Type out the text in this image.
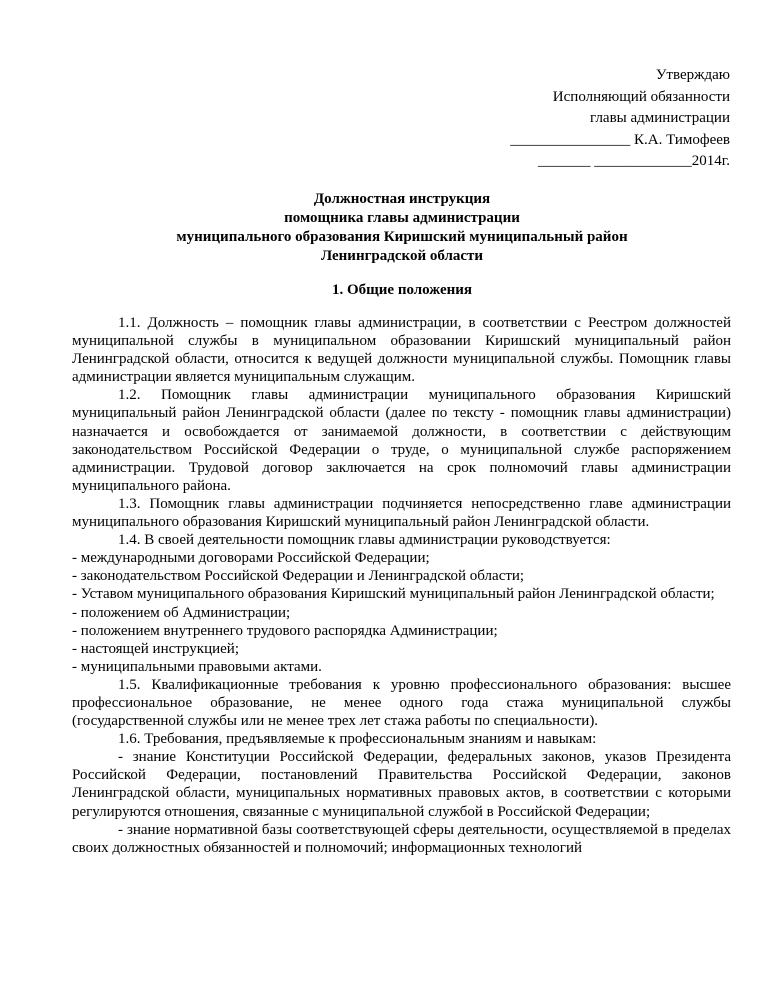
Утверждаю
Исполняющий обязанности
главы администрации
________________ К.А. Тимофеев
_______ _____________2014г.
Должностная инструкция
помощника главы администрации
муниципального образования Киришский муниципальный район
Ленинградской области
1. Общие положения

1.1. Должность – помощник главы администрации, в соответствии с Реестром должностей муниципальной службы в муниципальном образовании Киришский муниципальный район Ленинградской области, относится к ведущей должности муниципальной службы. Помощник главы администрации является муниципальным служащим.

1.2. Помощник главы администрации муниципального образования Киришский муниципальный район Ленинградской области (далее по тексту - помощник главы администрации) назначается и освобождается от занимаемой должности, в соответствии с действующим законодательством Российской Федерации о труде, о муниципальной службе распоряжением администрации. Трудовой договор заключается на срок полномочий главы администрации муниципального района.

1.3. Помощник главы администрации подчиняется непосредственно главе администрации муниципального образования Киришский муниципальный район Ленинградской области.

1.4. В своей деятельности помощник главы администрации руководствуется:

- международными договорами Российской Федерации;

- законодательством Российской Федерации и Ленинградской области;

- Уставом муниципального образования Киришский муниципальный район Ленинградской области;

- положением об Администрации;

- положением внутреннего трудового распорядка Администрации;

- настоящей инструкцией;

- муниципальными правовыми актами.

1.5. Квалификационные требования к уровню профессионального образования: высшее профессиональное образование, не менее одного года стажа муниципальной службы (государственной службы или не менее трех лет стажа работы по специальности).

1.6. Требования, предъявляемые к профессиональным знаниям и навыкам:

- знание Конституции Российской Федерации, федеральных законов, указов Президента Российской Федерации, постановлений Правительства Российской Федерации, законов Ленинградской области, муниципальных нормативных правовых актов, в соответствии с которыми регулируются отношения, связанные с муниципальной службой в Российской Федерации;

- знание нормативной базы соответствующей сферы деятельности, осуществляемой в пределах своих должностных обязанностей и полномочий; информационных технологий
